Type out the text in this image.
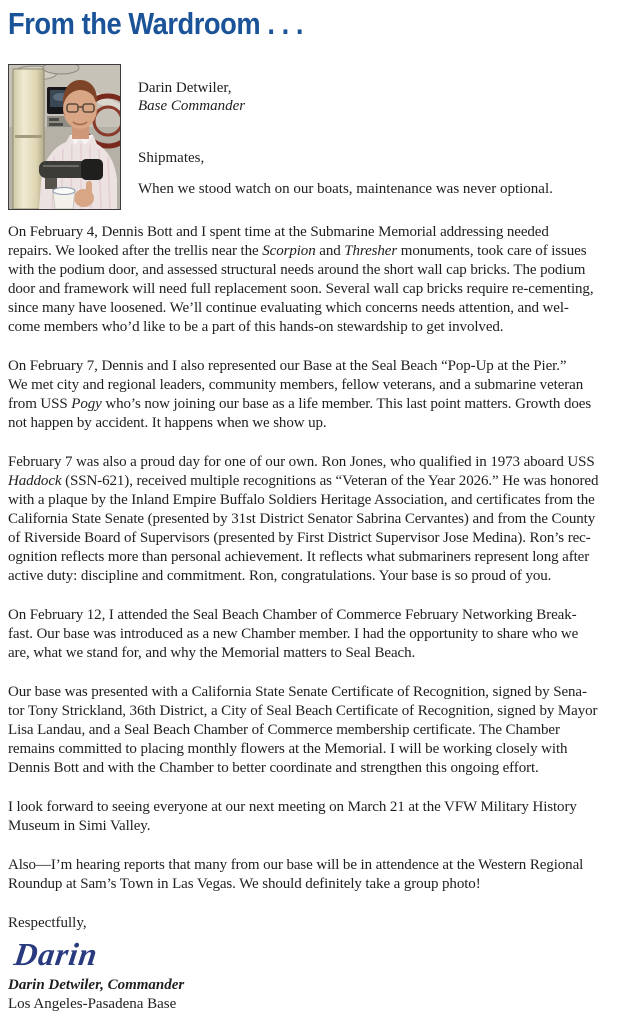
From the Wardroom . . .
Darin Detwiler,
Base Commander
Shipmates,
When we stood watch on our boats, maintenance was never optional.

On February 4, Dennis Bott and I spent time at the Submarine Memorial addressing needed
repairs. We looked after the trellis near the Scorpion and Thresher monuments, took care of issues
with the podium door, and assessed structural needs around the short wall cap bricks. The podium
door and framework will need full replacement soon. Several wall cap bricks require re-cementing,
since many have loosened. We’ll continue evaluating which concerns needs attention, and wel-
come members who’d like to be a part of this hands-on stewardship to get involved.

On February 7, Dennis and I also represented our Base at the Seal Beach “Pop-Up at the Pier.”
We met city and regional leaders, community members, fellow veterans, and a submarine veteran
from USS Pogy who’s now joining our base as a life member. This last point matters. Growth does
not happen by accident. It happens when we show up.

February 7 was also a proud day for one of our own. Ron Jones, who qualified in 1973 aboard USS
Haddock (SSN-621), received multiple recognitions as “Veteran of the Year 2026.” He was honored
with a plaque by the Inland Empire Buffalo Soldiers Heritage Association, and certificates from the
California State Senate (presented by 31st District Senator Sabrina Cervantes) and from the County
of Riverside Board of Supervisors (presented by First District Supervisor Jose Medina). Ron’s rec-
ognition reflects more than personal achievement. It reflects what submariners represent long after
active duty: discipline and commitment. Ron, congratulations. Your base is so proud of you.

On February 12, I attended the Seal Beach Chamber of Commerce February Networking Break-
fast. Our base was introduced as a new Chamber member. I had the opportunity to share who we
are, what we stand for, and why the Memorial matters to Seal Beach.

Our base was presented with a California State Senate Certificate of Recognition, signed by Sena-
tor Tony Strickland, 36th District, a City of Seal Beach Certificate of Recognition, signed by Mayor
Lisa Landau, and a Seal Beach Chamber of Commerce membership certificate. The Chamber
remains committed to placing monthly flowers at the Memorial. I will be working closely with
Dennis Bott and with the Chamber to better coordinate and strengthen this ongoing effort.

I look forward to seeing everyone at our next meeting on March 21 at the VFW Military History
Museum in Simi Valley.

Also—I’m hearing reports that many from our base will be in attendence at the Western Regional
Roundup at Sam’s Town in Las Vegas. We should definitely take a group photo!

Respectfully,
Darin
Darin Detwiler, Commander
Los Angeles-Pasadena Base
